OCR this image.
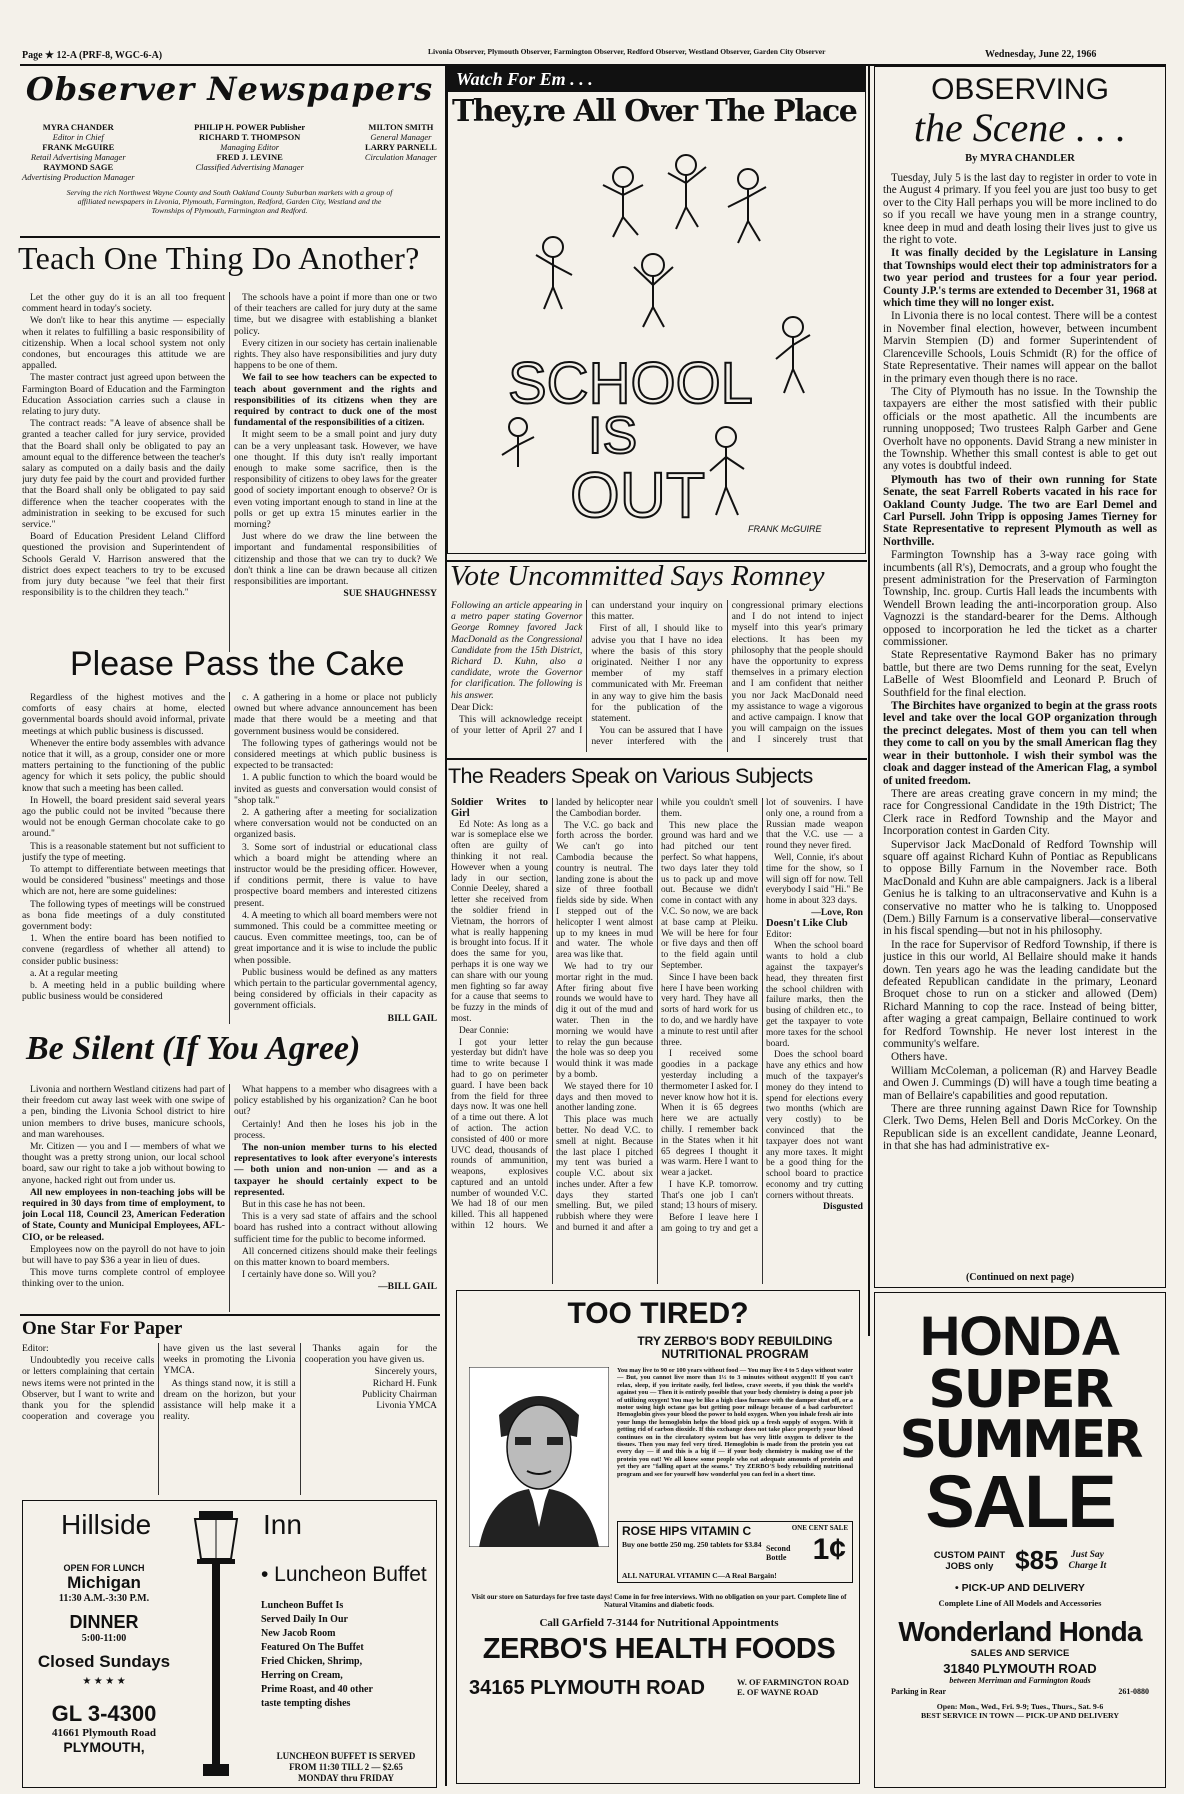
Page ★ 12-A (PRF-8, WGC-6-A)	Livonia Observer, Plymouth Observer, Farmington Observer, Redford Observer, Westland Observer, Garden City Observer	Wednesday, June 22, 1966
Observer Newspapers
MYRA CHANDER
Editor in Chief
FRANK McGUIRE
Retail Advertising Manager
RAYMOND SAGE
Advertising Production Manager
PHILIP H. POWER Publisher
RICHARD T. THOMPSON
Managing Editor
FRED J. LEVINE
Classified Advertising Manager
MILTON SMITH
General Manager
LARRY PARNELL
Circulation Manager
Serving the rich Northwest Wayne County and South Oakland County Suburban markets with a group of affiliated newspapers in Livonia, Plymouth, Farmington, Redford, Garden City, Westland and the Townships of Plymouth, Farmington and Redford.
Teach One Thing Do Another?

Let the other guy do it is an all too frequent comment heard in today's society.

We don't like to hear this anytime — especially when it relates to fulfilling a basic responsibility of citizenship. When a local school system not only condones, but encourages this attitude we are appalled.

The master contract just agreed upon between the Farmington Board of Education and the Farmington Education Association carries such a clause in relating to jury duty.

The contract reads: "A leave of absence shall be granted a teacher called for jury service, provided that the Board shall only be obligated to pay an amount equal to the difference between the teacher's salary as computed on a daily basis and the daily jury duty fee paid by the court and provided further that the Board shall only be obligated to pay said difference when the teacher cooperates with the administration in seeking to be excused for such service."

Board of Education President Leland Clifford questioned the provision and Superintendent of Schools Gerald V. Harrison answered that the district does expect teachers to try to be excused from jury duty because "we feel that their first responsibility is to the children they teach."

The schools have a point if more than one or two of their teachers are called for jury duty at the same time, but we disagree with establishing a blanket policy.

Every citizen in our society has certain inalienable rights. They also have responsibilities and jury duty happens to be one of them.

We fail to see how teachers can be expected to teach about government and the rights and responsibilities of its citizens when they are required by contract to duck one of the most fundamental of the responsibilities of a citizen.

It might seem to be a small point and jury duty can be a very unpleasant task. However, we have one thought. If this duty isn't really important enough to make some sacrifice, then is the responsibility of citizens to obey laws for the greater good of society important enough to observe? Or is even voting important enough to stand in line at the polls or get up extra 15 minutes earlier in the morning?

Just where do we draw the line between the important and fundamental responsibilities of citizenship and those that we can try to duck? We don't think a line can be drawn because all citizen responsibilities are important.

SUE SHAUGHNESSY
Please Pass the Cake

Regardless of the highest motives and the comforts of easy chairs at home, elected governmental boards should avoid informal, private meetings at which public business is discussed.

Whenever the entire body assembles with advance notice that it will, as a group, consider one or more matters pertaining to the functioning of the public agency for which it sets policy, the public should know that such a meeting has been called.

In Howell, the board president said several years ago the public could not be invited "because there would not be enough German chocolate cake to go around."

This is a reasonable statement but not sufficient to justify the type of meeting.

To attempt to differentiate between meetings that would be considered "business" meetings and those which are not, here are some guidelines:

The following types of meetings will be construed as bona fide meetings of a duly constituted government body:

1. When the entire board has been notified to convene (regardless of whether all attend) to consider public business:

a. At a regular meeting

b. A meeting held in a public building where public business would be considered

c. A gathering in a home or place not publicly owned but where advance announcement has been made that there would be a meeting and that government business would be considered.

The following types of gatherings would not be considered meetings at which public business is expected to be transacted:

1. A public function to which the board would be invited as guests and conversation would consist of "shop talk."

2. A gathering after a meeting for socialization where conversation would not be conducted on an organized basis.

3. Some sort of industrial or educational class which a board might be attending where an instructor would be the presiding officer. However, if conditions permit, there is value to have prospective board members and interested citizens present.

4. A meeting to which all board members were not summoned. This could be a committee meeting or caucus. Even committee meetings, too, can be of great importance and it is wise to include the public when possible.

Public business would be defined as any matters which pertain to the particular governmental agency, being considered by officials in their capacity as government officials.

BILL GAIL
Be Silent (If You Agree)

Livonia and northern Westland citizens had part of their freedom cut away last week with one swipe of a pen, binding the Livonia School district to hire union members to drive buses, manicure schools, and man warehouses.

Mr. Citizen — you and I — members of what we thought was a pretty strong union, our local school board, saw our right to take a job without bowing to anyone, hacked right out from under us.

All new employees in non-teaching jobs will be required in 30 days from time of employment, to join Local 118, Council 23, American Federation of State, County and Municipal Employees, AFL-CIO, or be released.

Employees now on the payroll do not have to join but will have to pay $36 a year in lieu of dues.

This move turns complete control of employee thinking over to the union.

What happens to a member who disagrees with a policy established by his organization? Can he boot out?

Certainly! And then he loses his job in the process.

The non-union member turns to his elected representatives to look after everyone's interests — both union and non-union — and as a taxpayer he should certainly expect to be represented.

But in this case he has not been.

This is a very sad state of affairs and the school board has rushed into a contract without allowing sufficient time for the public to become informed.

All concerned citizens should make their feelings on this matter known to board members.

I certainly have done so. Will you?

—BILL GAIL
One Star For Paper

Editor:

Undoubtedly you receive calls or letters complaining that certain news items were not printed in the Observer, but I want to write and thank you for the splendid cooperation and coverage you have given us the last several weeks in promoting the Livonia YMCA.

As things stand now, it is still a dream on the horizon, but your assistance will help make it a reality.

Thanks again for the cooperation you have given us.

Sincerely yours,
Richard H. Funk
Publicity Chairman
Livonia YMCA
Hillside	Inn
OPEN FOR LUNCH
Michigan
11:30 A.M.-3:30 P.M.
DINNER
5:00-11:00
Closed Sundays
★ ★ ★ ★
GL 3-4300
41661 Plymouth Road
PLYMOUTH,
• Luncheon Buffet
Luncheon Buffet Is
Served Daily In Our
New Jacob Room
Featured On The Buffet
Fried Chicken, Shrimp,
Herring on Cream,
Prime Roast, and 40 other
taste tempting dishes
LUNCHEON BUFFET IS SERVED
FROM 11:30 TILL 2 — $2.65
MONDAY thru FRIDAY
Watch For Em . . .
They,re All Over The Place
SCHOOL
IS
OUT	FRANK McGUIRE
Vote Uncommitted Says Romney

Following an article appearing in a metro paper stating Governor George Romney favored Jack MacDonald as the Congressional Candidate from the 15th District, Richard D. Kuhn, also a candidate, wrote the Governor for clarification. The following is his answer.

Dear Dick:

This will acknowledge receipt of your letter of April 27 and I can understand your inquiry on this matter.

First of all, I should like to advise you that I have no idea where the basis of this story originated. Neither I nor any member of my staff communicated with Mr. Freeman in any way to give him the basis for the publication of the statement.

You can be assured that I have never interfered with the congressional primary elections and I do not intend to inject myself into this year's primary elections. It has been my philosophy that the people should have the opportunity to express themselves in a primary election and I am confident that neither you nor Jack MacDonald need my assistance to wage a vigorous and active campaign. I know that you will campaign on the issues and I sincerely trust that

The Readers Speak on Various Subjects
Soldier Writes to Girl

Ed Note: As long as a war is someplace else we often are guilty of thinking it not real. However when a young lady in our section, Connie Deeley, shared a letter she received from the soldier friend in Vietnam, the horrors of what is really happening is brought into focus. If it does the same for you, perhaps it is one way we can share with our young men fighting so far away for a cause that seems to be fuzzy in the minds of most.

Dear Connie:

I got your letter yesterday but didn't have time to write because I had to go on perimeter guard. I have been back from the field for three days now. It was one hell of a time out there. A lot of action. The action consisted of 400 or more UVC dead, thousands of rounds of ammunition, weapons, explosives captured and an untold number of wounded V.C. We had 18 of our men killed. This all happened within 12 hours. We landed by helicopter near the Cambodian border.

The V.C. go back and forth across the border. We can't go into Cambodia because the country is neutral. The landing zone is about the size of three football fields side by side. When I stepped out of the helicopter I went almost up to my knees in mud and water. The whole area was like that.

We had to try our mortar right in the mud. After firing about five rounds we would have to dig it out of the mud and water. Then in the morning we would have to relay the gun because the hole was so deep you would think it was made by a bomb.

We stayed there for 10 days and then moved to another landing zone.

This place was much better. No dead V.C. to smell at night. Because the last place I pitched my tent was buried a couple V.C. about six inches under. After a few days they started smelling. But, we piled rubbish where they were and burned it and after a while you couldn't smell them.

This new place the ground was hard and we had pitched our tent perfect. So what happens, two days later they told us to pack up and move out. Because we didn't come in contact with any V.C. So now, we are back at base camp at Pleiku. We will be here for four or five days and then off to the field again until September.

Since I have been back here I have been working very hard. They have all sorts of hard work for us to do, and we hardly have a minute to rest until after three.

I received some goodies in a package yesterday including a thermometer I asked for. I never know how hot it is. When it is 65 degrees here we are actually chilly. I remember back in the States when it hit 65 degrees I thought it was warm. Here I want to wear a jacket.

I have K.P. tomorrow. That's one job I can't stand; 13 hours of misery.

Before I leave here I am going to try and get a lot of souvenirs. I have only one, a round from a Russian made weapon that the V.C. use — a round they never fired.

Well, Connie, it's about time for the show, so I will sign off for now. Tell everybody I said "Hi." Be home in about 323 days.

—Love, Ron
Doesn't Like Club

Editor:

When the school board wants to hold a club against the taxpayer's head, they threaten first the school children with failure marks, then the busing of children etc., to get the taxpayer to vote more taxes for the school board.

Does the school board have any ethics and how much of the taxpayer's money do they intend to spend for elections every two months (which are very costly) to be convinced that the taxpayer does not want any more taxes. It might be a good thing for the school board to practice economy and try cutting corners without threats.

Disgusted
TOO TIRED?
TRY ZERBO'S BODY REBUILDING NUTRITIONAL PROGRAM
You may live to 90 or 100 years without food — You may live 4 to 5 days without water — But, you cannot live more than 1½ to 3 minutes without oxygen!!! If you can't relax, sleep, if you irritate easily, feel listless, crave sweets, if you think the world's against you — Then it is entirely possible that your body chemistry is doing a poor job of utilizing oxygen! You may be like a high class furnace with the damper shut off, or a motor using high octane gas but getting poor mileage because of a bad carburetor! Hemoglobin gives your blood the power to hold oxygen. When you inhale fresh air into your lungs the hemoglobin helps the blood pick up a fresh supply of oxygen. With it getting rid of carbon dioxide. If this exchange does not take place properly your blood continues on in the circulatory system but has very little oxygen to deliver to the tissues. Then you may feel very tired. Hemoglobin is made from the protein you eat every day — if and this is a big if — if your body chemistry is making use of the protein you eat! We all know some people who eat adequate amounts of protein and yet they are "falling apart at the seams." Try ZERBO'S body rebuilding nutritional program and see for yourself how wonderful you can feel in a short time.
ROSE HIPS VITAMIN C
Buy one bottle 250 mg. 250 tablets for $3.84
ONE CENT SALE
Second Bottle 1¢
ALL NATURAL VITAMIN C—A Real Bargain!
Visit our store on Saturdays for free taste days! Come in for free interviews. With no obligation on your part. Complete line of Natural Vitamins and diabetic foods.
Call GArfield 7-3144 for Nutritional Appointments
ZERBO'S HEALTH FOODS
34165 PLYMOUTH ROAD	W. OF FARMINGTON ROAD
E. OF WAYNE ROAD
OBSERVING
the Scene . . .
By MYRA CHANDLER

Tuesday, July 5 is the last day to register in order to vote in the August 4 primary. If you feel you are just too busy to get over to the City Hall perhaps you will be more inclined to do so if you recall we have young men in a strange country, knee deep in mud and death losing their lives just to give us the right to vote.

It was finally decided by the Legislature in Lansing that Townships would elect their top administrators for a two year period and trustees for a four year period. County J.P.'s terms are extended to December 31, 1968 at which time they will no longer exist.

In Livonia there is no local contest. There will be a contest in November final election, however, between incumbent Marvin Stempien (D) and former Superintendent of Clarenceville Schools, Louis Schmidt (R) for the office of State Representative. Their names will appear on the ballot in the primary even though there is no race.

The City of Plymouth has no issue. In the Township the taxpayers are either the most satisfied with their public officials or the most apathetic. All the incumbents are running unopposed; Two trustees Ralph Garber and Gene Overholt have no opponents. David Strang a new minister in the Township. Whether this small contest is able to get out any votes is doubtful indeed.

Plymouth has two of their own running for State Senate, the seat Farrell Roberts vacated in his race for Oakland County Judge. The two are Earl Demel and Carl Pursell. John Tripp is opposing James Tierney for State Representative to represent Plymouth as well as Northville.

Farmington Township has a 3-way race going with incumbents (all R's), Democrats, and a group who fought the present administration for the Preservation of Farmington Township, Inc. group. Curtis Hall leads the incumbents with Wendell Brown leading the anti-incorporation group. Also Vagnozzi is the standard-bearer for the Dems. Although opposed to incorporation he led the ticket as a charter commissioner.

State Representative Raymond Baker has no primary battle, but there are two Dems running for the seat, Evelyn LaBelle of West Bloomfield and Leonard P. Bruch of Southfield for the final election.

The Birchites have organized to begin at the grass roots level and take over the local GOP organization through the precinct delegates. Most of them you can tell when they come to call on you by the small American flag they wear in their buttonhole. I wish their symbol was the cloak and dagger instead of the American Flag, a symbol of united freedom.

There are areas creating grave concern in my mind; the race for Congressional Candidate in the 19th District; The Clerk race in Redford Township and the Mayor and Incorporation contest in Garden City.

Supervisor Jack MacDonald of Redford Township will square off against Richard Kuhn of Pontiac as Republicans to oppose Billy Farnum in the November race. Both MacDonald and Kuhn are able campaigners. Jack is a liberal Genius he is talking to an ultraconservative and Kuhn is a conservative no matter who he is talking to. Unopposed (Dem.) Billy Farnum is a conservative liberal—conservative in his fiscal spending—but not in his philosophy.

In the race for Supervisor of Redford Township, if there is justice in this our world, Al Bellaire should make it hands down. Ten years ago he was the leading candidate but the defeated Republican candidate in the primary, Leonard Broquet chose to run on a sticker and allowed (Dem) Richard Manning to cop the race. Instead of being bitter, after waging a great campaign, Bellaire continued to work for Redford Township. He never lost interest in the community's welfare.

Others have.

William McColeman, a policeman (R) and Harvey Beadle and Owen J. Cummings (D) will have a tough time beating a man of Bellaire's capabilities and good reputation.

There are three running against Dawn Rice for Township Clerk. Two Dems, Helen Bell and Doris McCorkey. On the Republican side is an excellent candidate, Jeanne Leonard, in that she has had administrative ex-

(Continued on next page)
HONDA
SUPER
SUMMER
SALE
CUSTOM PAINT
JOBS only $85 Just Say
Charge It
• PICK-UP AND DELIVERY
Complete Line of All Models and Accessories
Wonderland Honda
SALES AND SERVICE
31840 PLYMOUTH ROAD
between Merriman and Farmington Roads
Parking in Rear	261-0880
Open: Mon., Wed., Fri. 9-9; Tues., Thurs., Sat. 9-6
BEST SERVICE IN TOWN — PICK-UP AND DELIVERY
